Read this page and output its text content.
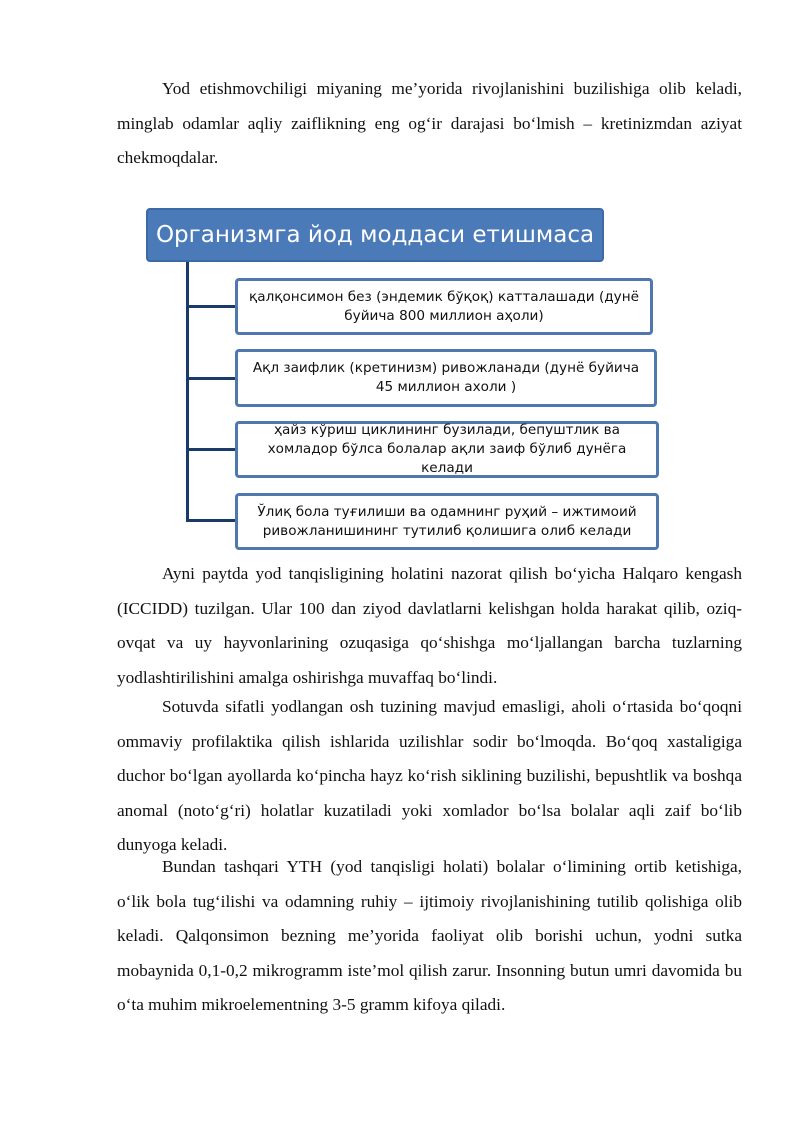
Yod etishmovchiligi miyaning me’yorida rivojlanishini buzilishiga olib keladi, minglab odamlar aqliy zaiflikning eng og‘ir darajasi bo‘lmish – kretinizmdan aziyat chekmoqdalar.

Организмга йод моддаси етишмаса
қалқонсимон без (эндемик бўқоқ) катталашади (дунё буйича 800 миллион аҳоли)
Ақл заифлик (кретинизм) ривожланади (дунё буйича 45 миллион ахоли )
ҳайз кўриш циклининг бузилади, бепуштлик ва хомладор бўлса болалар ақли заиф бўлиб дунёга келади
Ўлиқ бола туғилиши ва одамнинг руҳий – ижтимоий ривожланишининг тутилиб қолишига олиб келади

Ayni paytda yod tanqisligining holatini nazorat qilish bo‘yicha Halqaro kengash (ICCIDD) tuzilgan. Ular 100 dan ziyod davlatlarni kelishgan holda harakat qilib, oziq-ovqat va uy hayvonlarining ozuqasiga qo‘shishga mo‘ljallangan barcha tuzlarning yodlashtirilishini amalga oshirishga muvaffaq bo‘lindi.

Sotuvda sifatli yodlangan osh tuzining mavjud emasligi, aholi o‘rtasida bo‘qoqni ommaviy profilaktika qilish ishlarida uzilishlar sodir bo‘lmoqda. Bo‘qoq xastaligiga duchor bo‘lgan ayollarda ko‘pincha hayz ko‘rish siklining buzilishi, bepushtlik va boshqa anomal (noto‘g‘ri) holatlar kuzatiladi yoki xomlador bo‘lsa bolalar aqli zaif bo‘lib dunyoga keladi.

Bundan tashqari YTH (yod tanqisligi holati) bolalar o‘limining ortib ketishiga, o‘lik bola tug‘ilishi va odamning ruhiy – ijtimoiy rivojlanishining tutilib qolishiga olib keladi. Qalqonsimon bezning me’yorida faoliyat olib borishi uchun, yodni sutka mobaynida 0,1-0,2 mikrogramm iste’mol qilish zarur. Insonning butun umri davomida bu o‘ta muhim mikroelementning 3-5 gramm kifoya qiladi.
